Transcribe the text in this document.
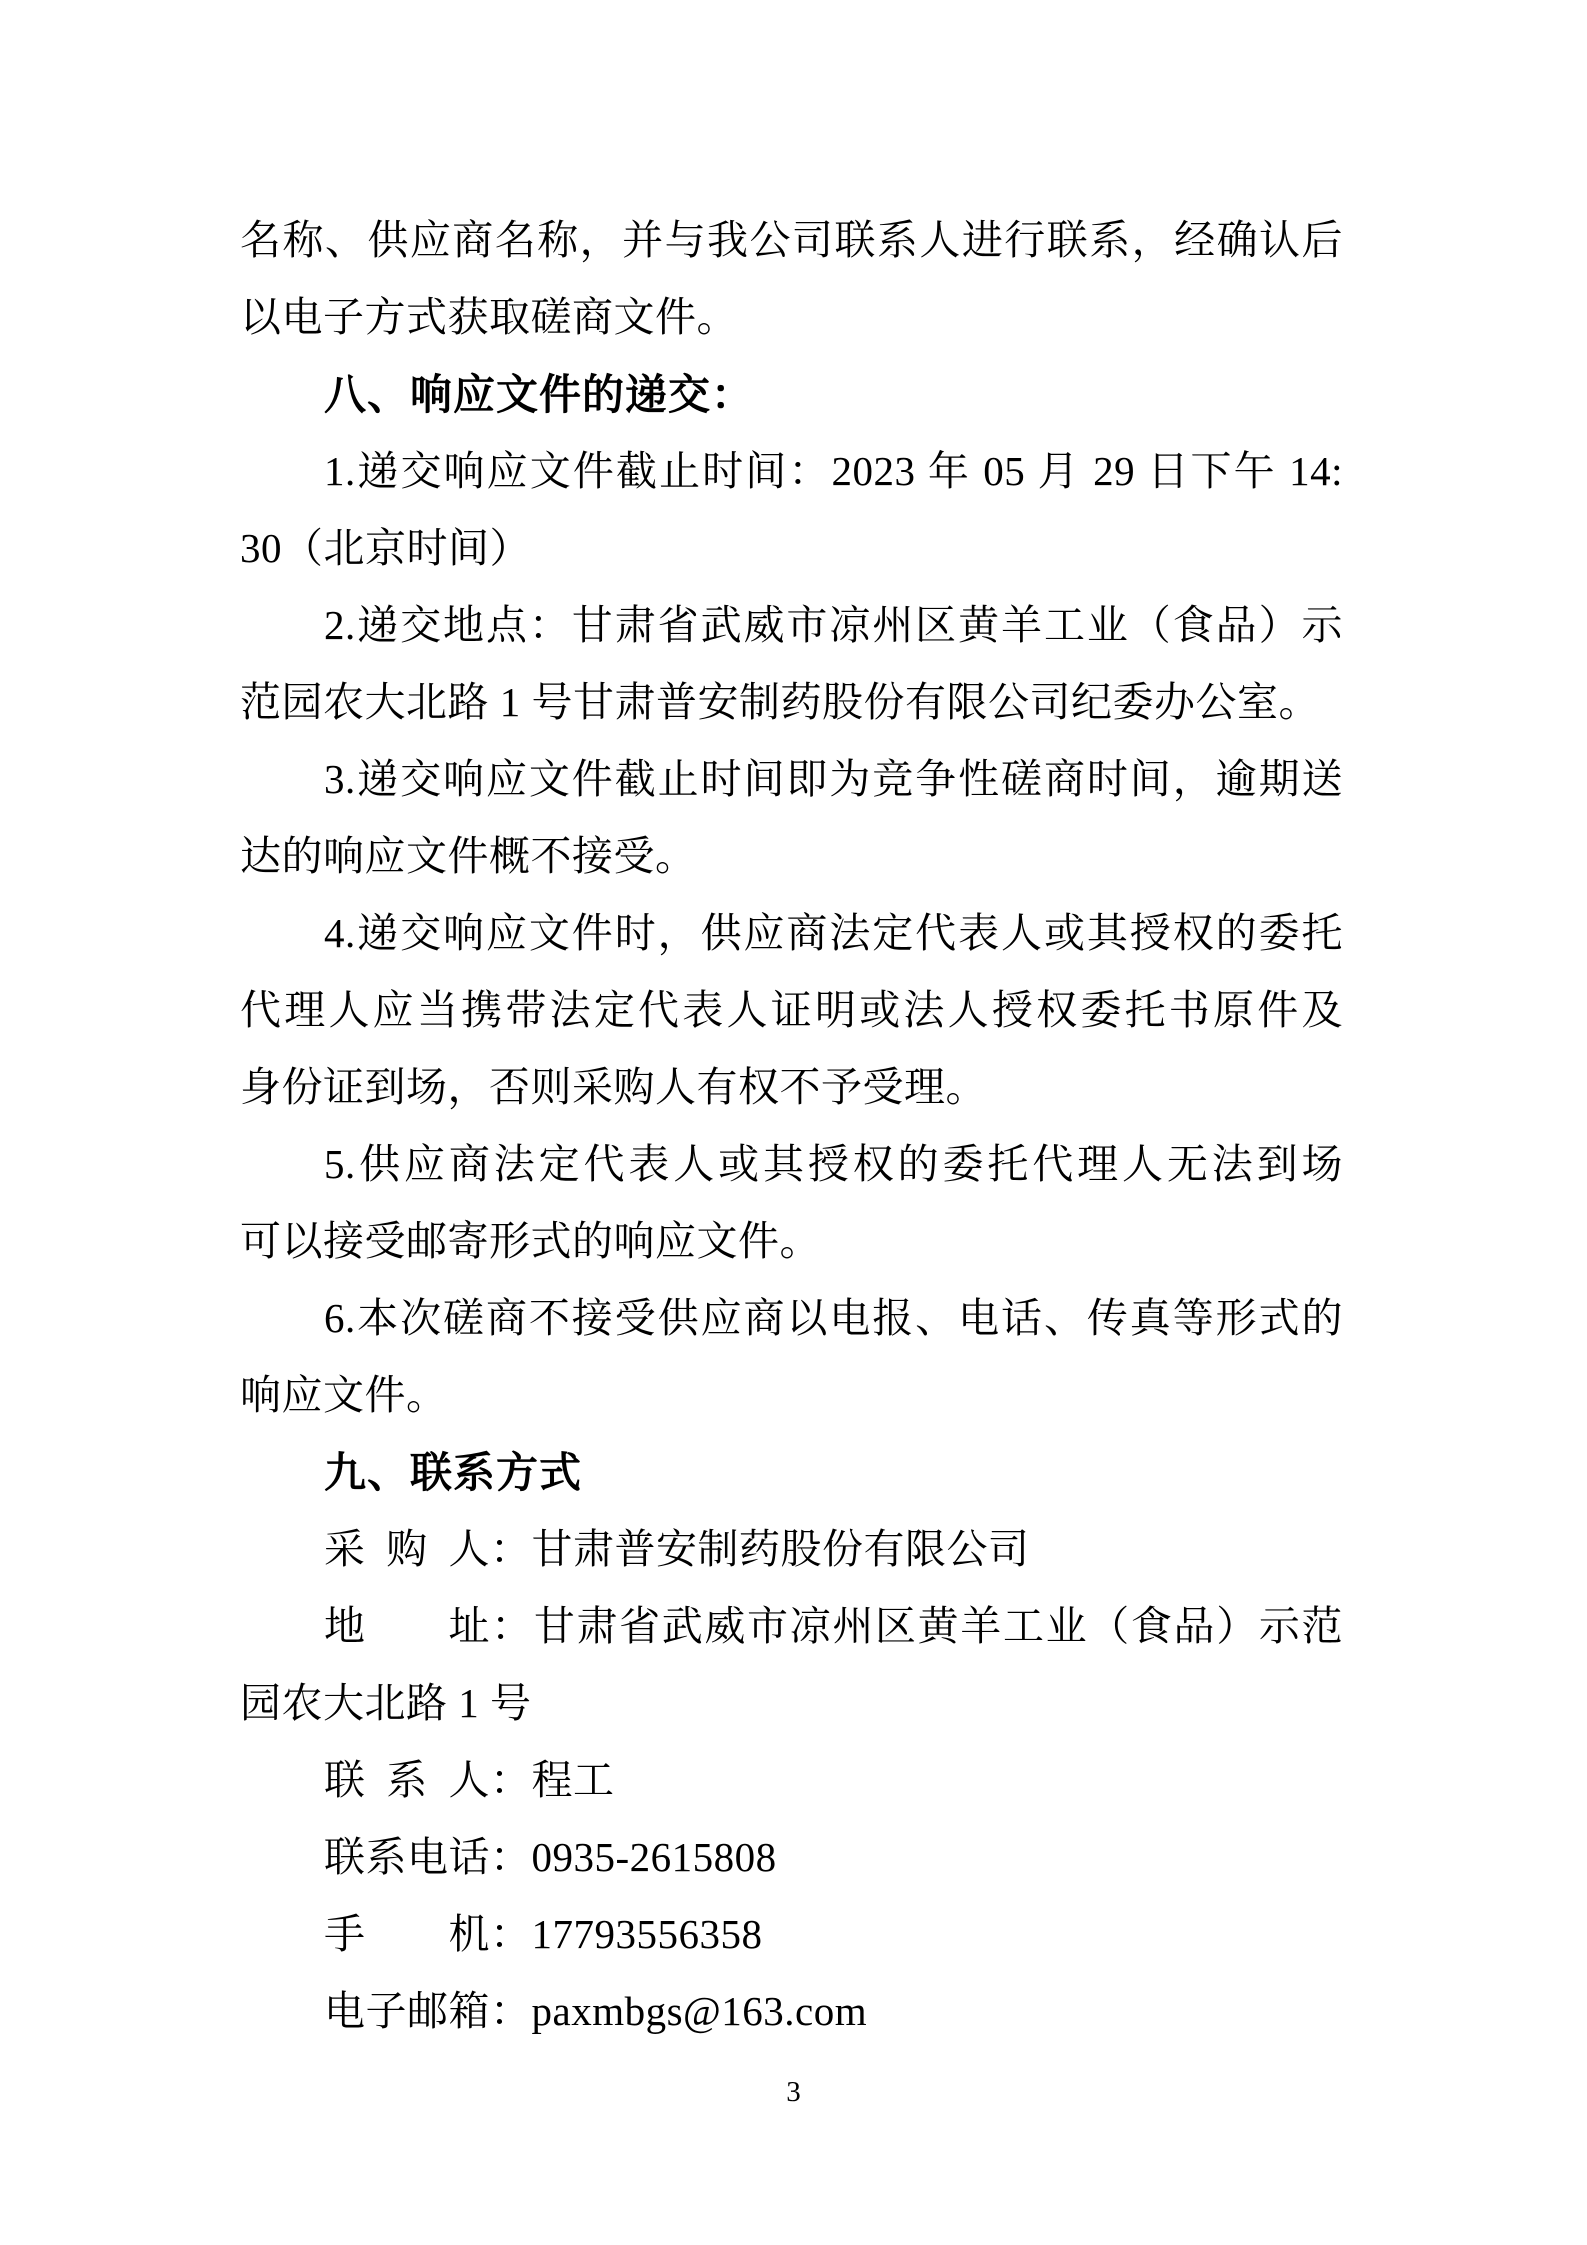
名称、供应商名称，并与我公司联系人进行联系，经确认后

以电子方式获取磋商文件。

八、响应文件的递交：

1.递交响应文件截止时间：2023 年 05 月 29 日下午 14:

30（北京时间）

2.递交地点：甘肃省武威市凉州区黄羊工业（食品）示

范园农大北路 1 号甘肃普安制药股份有限公司纪委办公室。

3.递交响应文件截止时间即为竞争性磋商时间，逾期送

达的响应文件概不接受。

4.递交响应文件时，供应商法定代表人或其授权的委托

代理人应当携带法定代表人证明或法人授权委托书原件及

身份证到场，否则采购人有权不予受理。

5.供应商法定代表人或其授权的委托代理人无法到场

可以接受邮寄形式的响应文件。

6.本次磋商不接受供应商以电报、电话、传真等形式的

响应文件。

九、联系方式

采购人：甘肃普安制药股份有限公司

地址：甘肃省武威市凉州区黄羊工业（食品）示范

园农大北路 1 号

联系人：程工

联系电话：0935-2615808

手机：17793556358

电子邮箱：paxmbgs@163.com

3
